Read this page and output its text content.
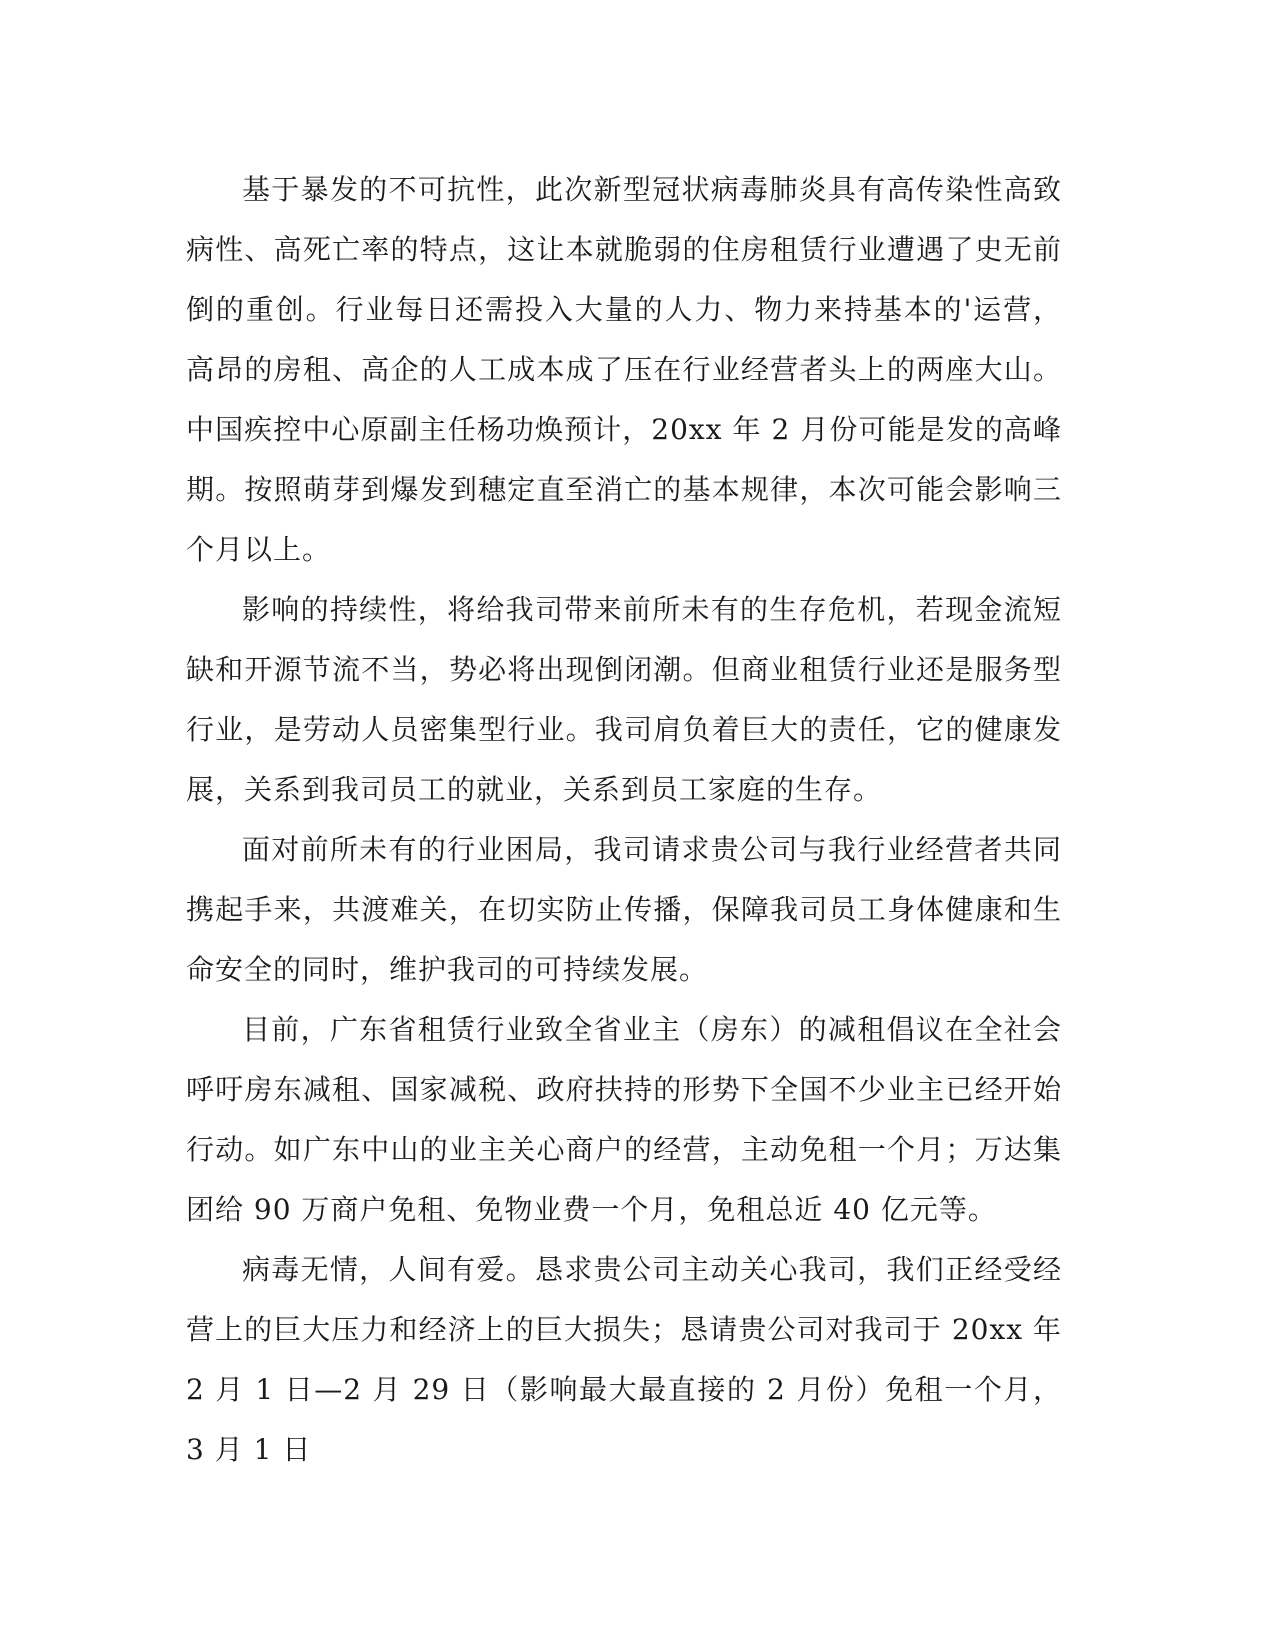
基于暴发的不可抗性，此次新型冠状病毒肺炎具有高传染性高致病性、高死亡率的特点，这让本就脆弱的住房租赁行业遭遇了史无前倒的重创。行业每日还需投入大量的人力、物力来持基本的'运营，高昂的房租、高企的人工成本成了压在行业经营者头上的两座大山。中国疾控中心原副主任杨功焕预计，20xx 年 2 月份可能是发的高峰期。按照萌芽到爆发到穗定直至消亡的基本规律，本次可能会影响三个月以上。

影响的持续性，将给我司带来前所未有的生存危机，若现金流短缺和开源节流不当，势必将出现倒闭潮。但商业租赁行业还是服务型行业，是劳动人员密集型行业。我司肩负着巨大的责任，它的健康发展，关系到我司员工的就业，关系到员工家庭的生存。

面对前所未有的行业困局，我司请求贵公司与我行业经营者共同携起手来，共渡难关，在切实防止传播，保障我司员工身体健康和生命安全的同时，维护我司的可持续发展。

目前，广东省租赁行业致全省业主（房东）的减租倡议在全社会呼吁房东减租、国家减税、政府扶持的形势下全国不少业主已经开始行动。如广东中山的业主关心商户的经营，主动免租一个月；万达集团给 90 万商户免租、免物业费一个月，免租总近 40 亿元等。

病毒无情，人间有爱。恳求贵公司主动关心我司，我们正经受经营上的巨大压力和经济上的巨大损失；恳请贵公司对我司于 20xx 年 2 月 1 日—2 月 29 日（影响最大最直接的 2 月份）免租一个月，3 月 1 日
